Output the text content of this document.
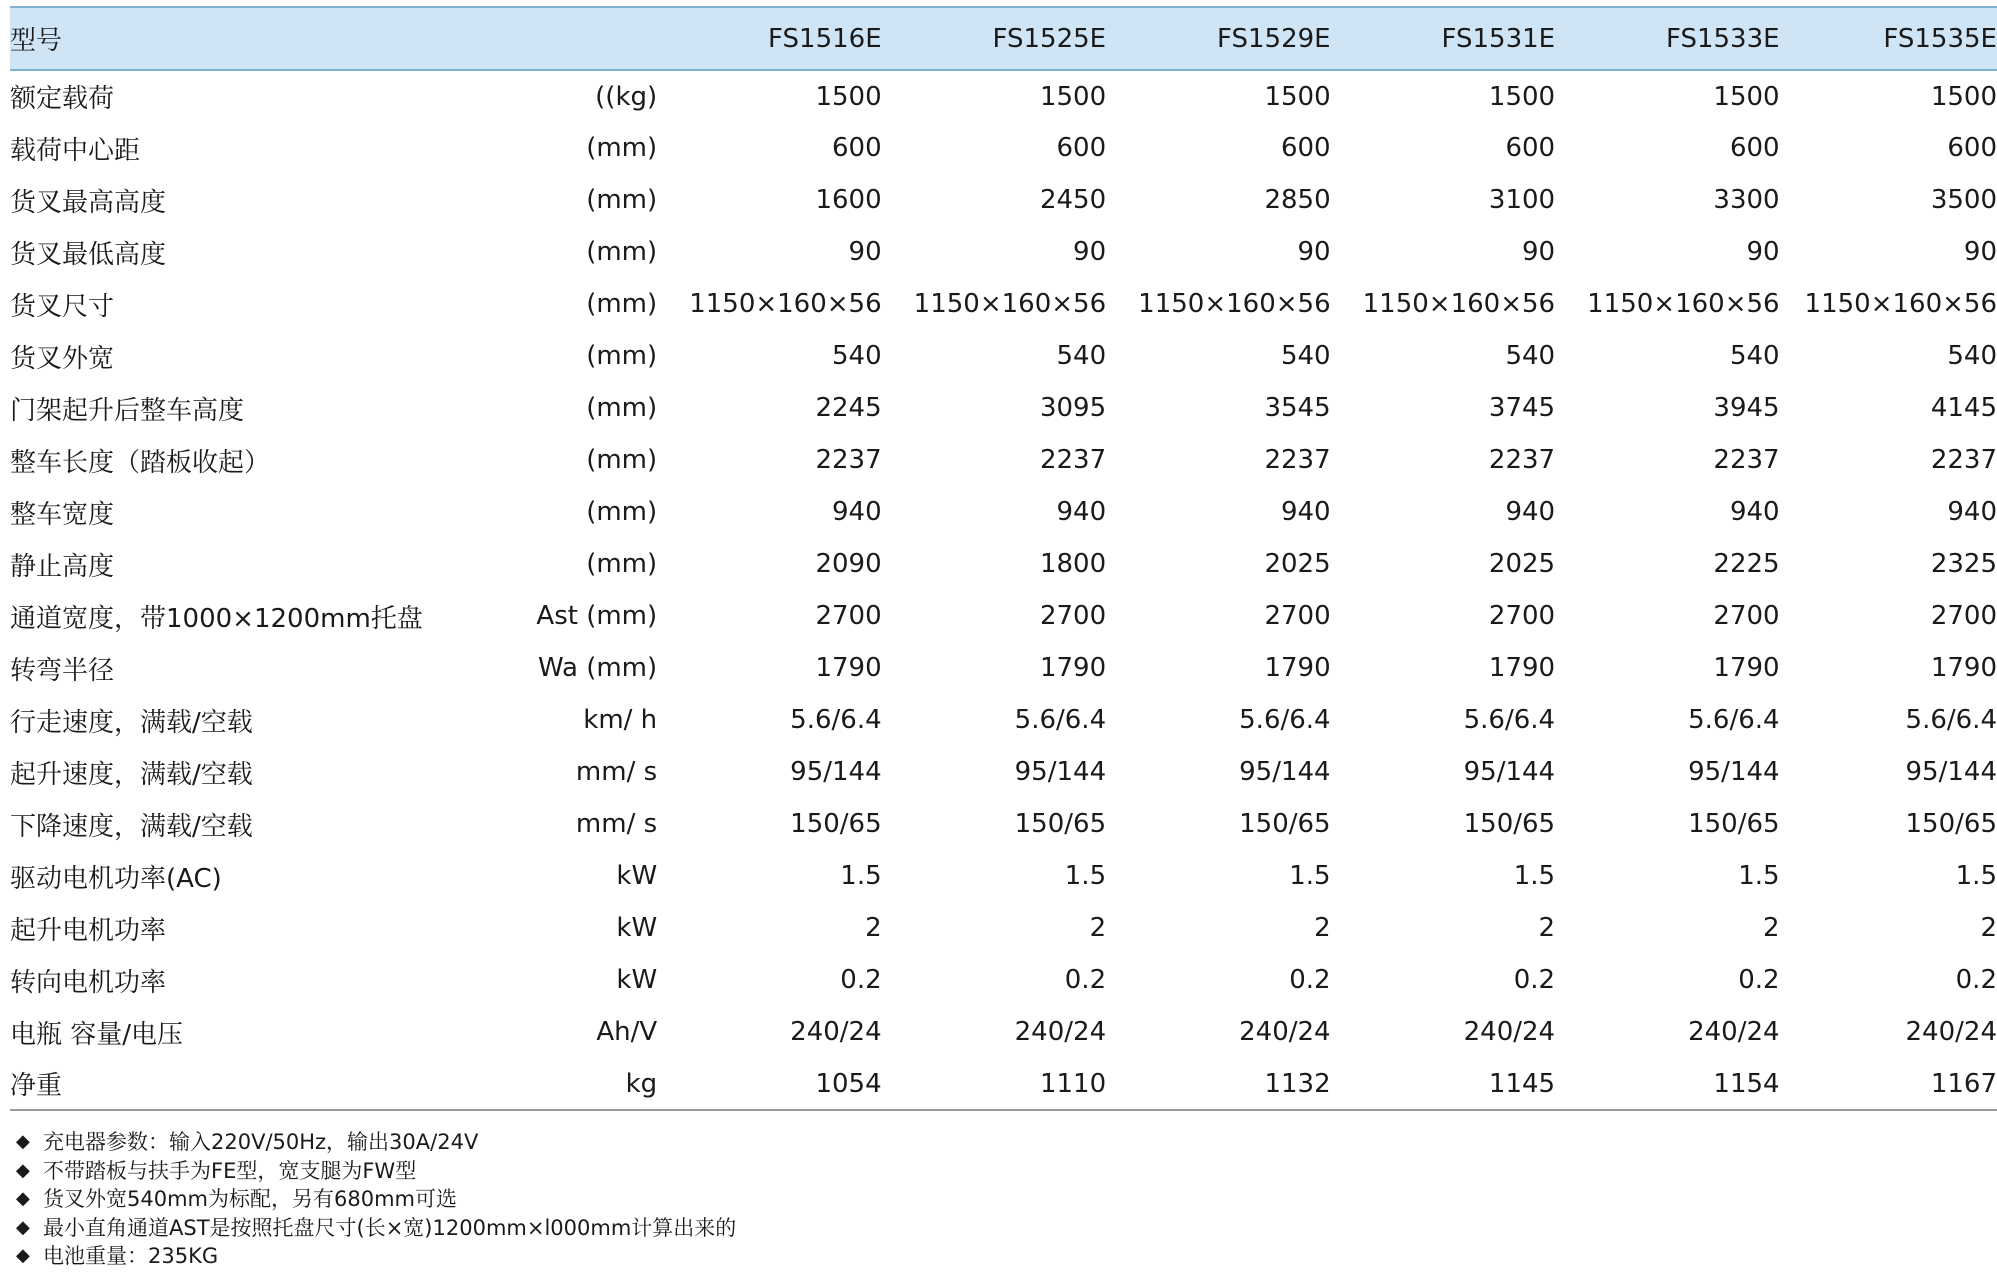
型号		FS1516E	FS1525E	FS1529E	FS1531E	FS1533E	FS1535E
额定载荷	((kg)	1500	1500	1500	1500	1500	1500
载荷中心距	(mm)	600	600	600	600	600	600
货叉最高高度	(mm)	1600	2450	2850	3100	3300	3500
货叉最低高度	(mm)	90	90	90	90	90	90
货叉尺寸	(mm)	1150×160×56	1150×160×56	1150×160×56	1150×160×56	1150×160×56	1150×160×56
货叉外宽	(mm)	540	540	540	540	540	540
门架起升后整车高度	(mm)	2245	3095	3545	3745	3945	4145
整车长度（踏板收起）	(mm)	2237	2237	2237	2237	2237	2237
整车宽度	(mm)	940	940	940	940	940	940
静止高度	(mm)	2090	1800	2025	2025	2225	2325
通道宽度，带1000×1200mm托盘	Ast (mm)	2700	2700	2700	2700	2700	2700
转弯半径	Wa (mm)	1790	1790	1790	1790	1790	1790
行走速度，满载/空载	km/ h	5.6/6.4	5.6/6.4	5.6/6.4	5.6/6.4	5.6/6.4	5.6/6.4
起升速度，满载/空载	mm/ s	95/144	95/144	95/144	95/144	95/144	95/144
下降速度，满载/空载	mm/ s	150/65	150/65	150/65	150/65	150/65	150/65
驱动电机功率(AC)	kW	1.5	1.5	1.5	1.5	1.5	1.5
起升电机功率	kW	2	2	2	2	2	2
转向电机功率	kW	0.2	0.2	0.2	0.2	0.2	0.2
电瓶 容量/电压	Ah/V	240/24	240/24	240/24	240/24	240/24	240/24
净重	kg	1054	1110	1132	1145	1154	1167
◆ 充电器参数：输入220V/50Hz，输出30A/24V
◆ 不带踏板与扶手为FE型，宽支腿为FW型
◆ 货叉外宽540mm为标配，另有680mm可选
◆ 最小直角通道AST是按照托盘尺寸(长×宽)1200mm×l000mm计算出来的
◆ 电池重量：235KG
